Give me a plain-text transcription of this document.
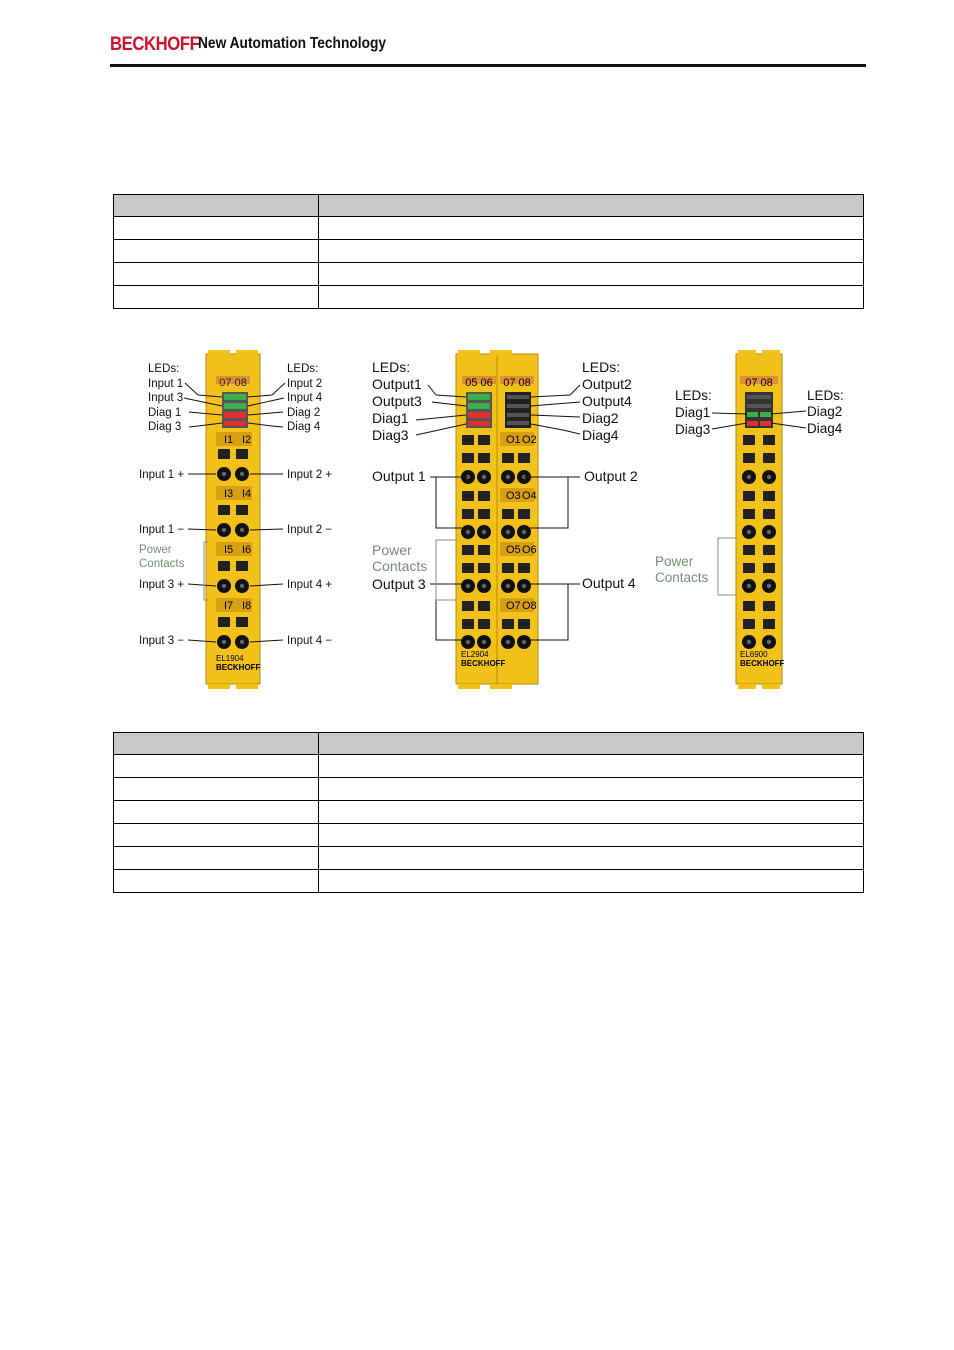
BECKHOFF
New Automation Technology

07 08
I1 I2
I3 I4
I5 I6
I7 I8
EL1904
BECKHOFF
LEDs:
Input 1
Input 3
Diag 1
Diag 3
LEDs:
Input 2
Input 4
Diag 2
Diag 4
Input 1 +
Input 1 −
Input 3 +
Input 3 −
Input 2 +
Input 2 −
Input 4 +
Input 4 −
Power
Contacts
05 06 07 08
O1 O2
O3 O4
O5 O6
O7 O8
EL2904
BECKHOFF
LEDs:
Output1
Output3
Diag1
Diag3
LEDs:
Output2
Output4
Diag2
Diag4
Output 1	Output 2
Output 3	Output 4
Power
Contacts
07 08
EL6900
BECKHOFF
LEDs:
Diag1
Diag3
LEDs:
Diag2
Diag4
Power
Contacts
